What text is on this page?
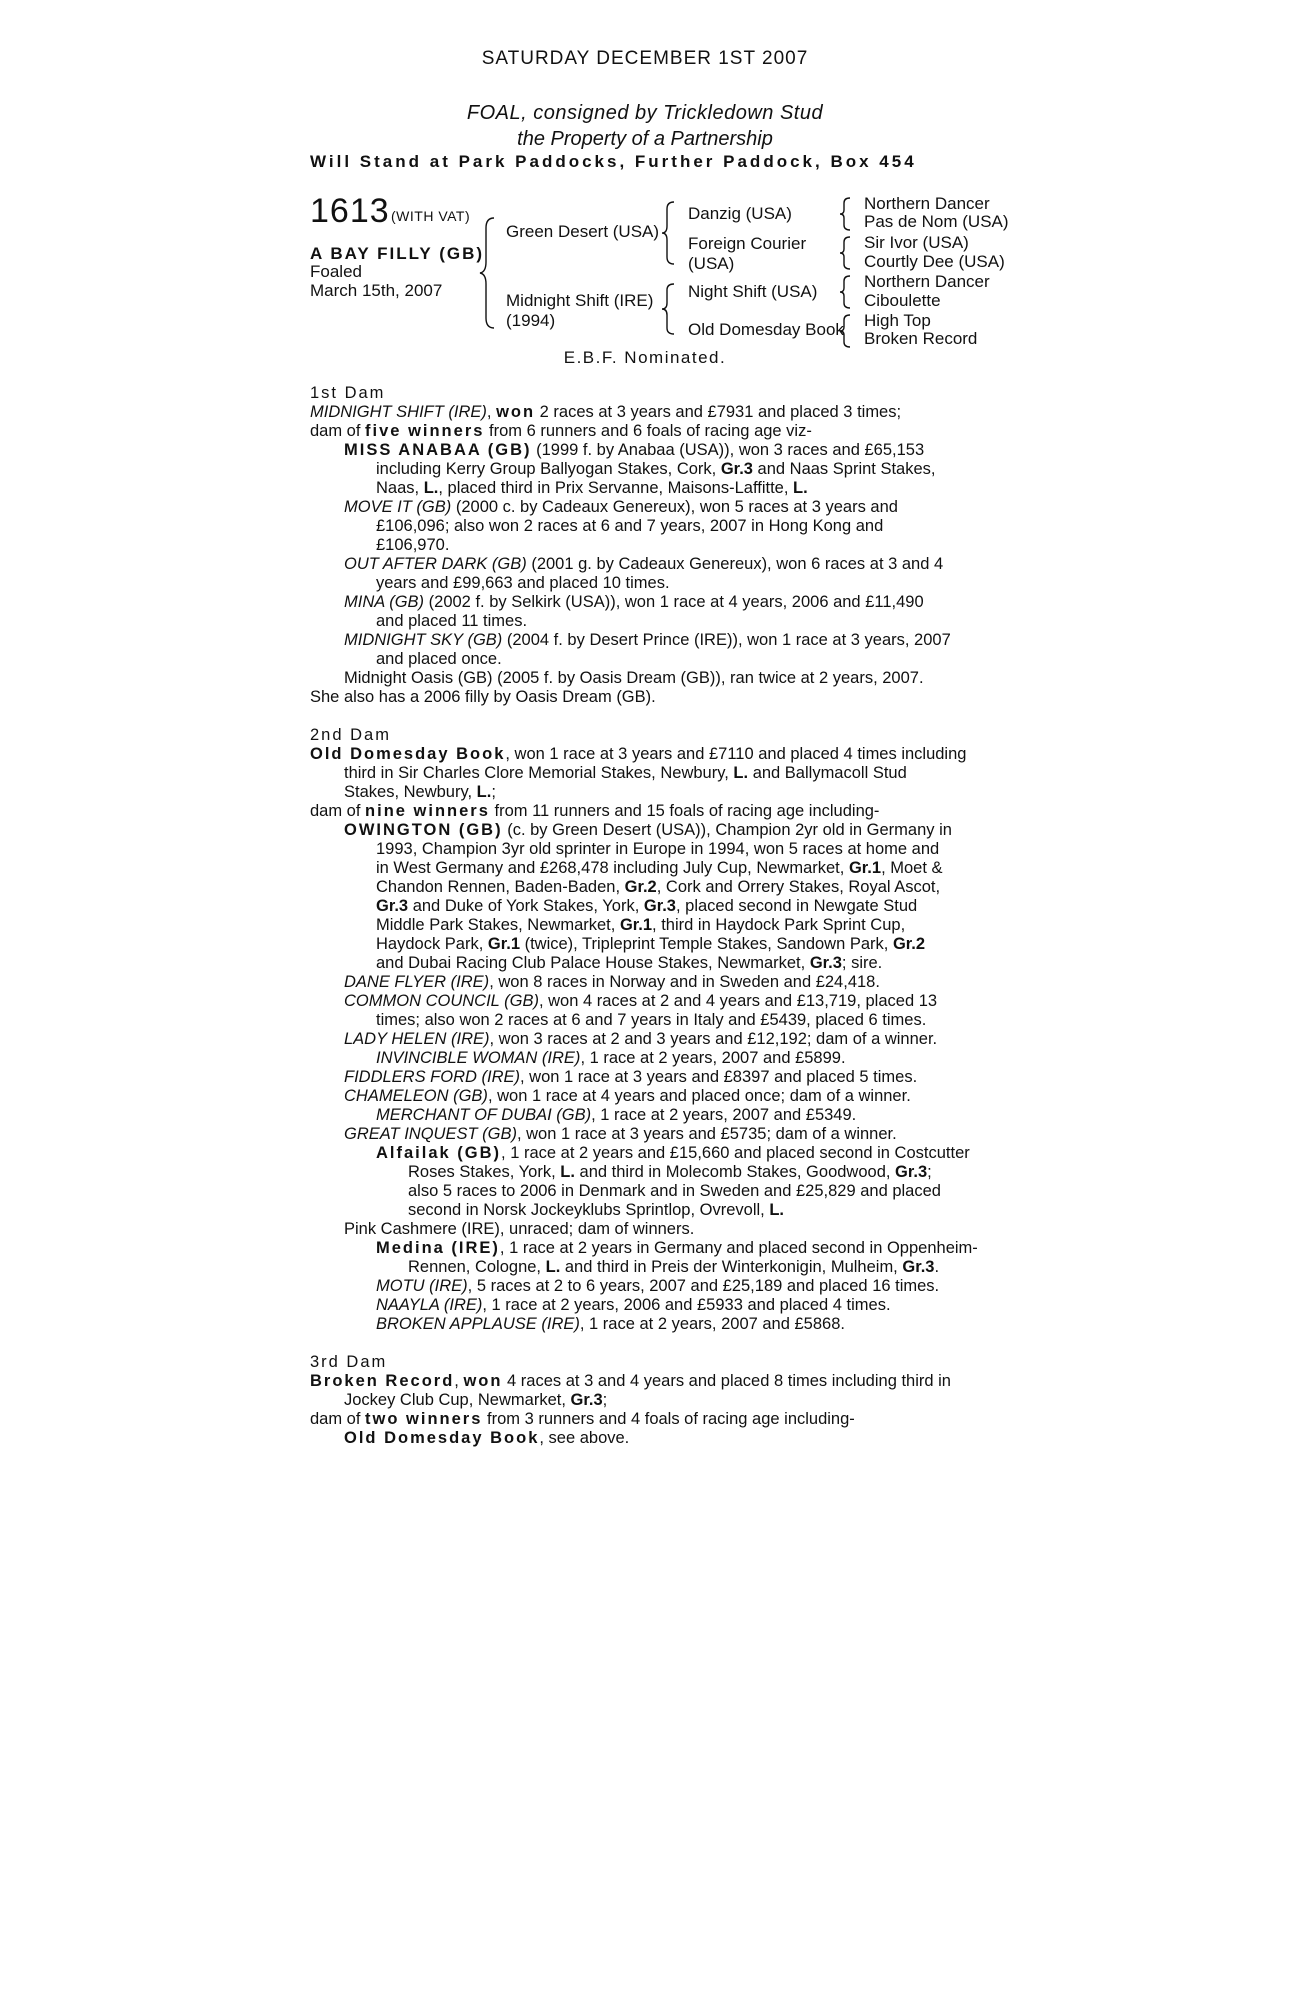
SATURDAY DECEMBER 1ST 2007
FOAL, consigned by Trickledown Stud
the Property of a Partnership
Will Stand at Park Paddocks, Further Paddock, Box 454
1613 (WITH VAT)
A BAY FILLY (GB)
Foaled
March 15th, 2007
Green Desert (USA)
Midnight Shift (IRE)
(1994)
Danzig (USA)
Foreign Courier
(USA)
Night Shift (USA)
Old Domesday Book
Northern Dancer
Pas de Nom (USA)
Sir Ivor (USA)
Courtly Dee (USA)
Northern Dancer
Ciboulette
High Top
Broken Record
E.B.F. Nominated.
1st Dam
MIDNIGHT SHIFT (IRE), won 2 races at 3 years and £7931 and placed 3 times;
dam of five winners from 6 runners and 6 foals of racing age viz-
MISS ANABAA (GB) (1999 f. by Anabaa (USA)), won 3 races and £65,153
including Kerry Group Ballyogan Stakes, Cork, Gr.3 and Naas Sprint Stakes,
Naas, L., placed third in Prix Servanne, Maisons-Laffitte, L.
MOVE IT (GB) (2000 c. by Cadeaux Genereux), won 5 races at 3 years and
£106,096; also won 2 races at 6 and 7 years, 2007 in Hong Kong and
£106,970.
OUT AFTER DARK (GB) (2001 g. by Cadeaux Genereux), won 6 races at 3 and 4
years and £99,663 and placed 10 times.
MINA (GB) (2002 f. by Selkirk (USA)), won 1 race at 4 years, 2006 and £11,490
and placed 11 times.
MIDNIGHT SKY (GB) (2004 f. by Desert Prince (IRE)), won 1 race at 3 years, 2007
and placed once.
Midnight Oasis (GB) (2005 f. by Oasis Dream (GB)), ran twice at 2 years, 2007.
She also has a 2006 filly by Oasis Dream (GB).
2nd Dam
Old Domesday Book, won 1 race at 3 years and £7110 and placed 4 times including
third in Sir Charles Clore Memorial Stakes, Newbury, L. and Ballymacoll Stud
Stakes, Newbury, L.;
dam of nine winners from 11 runners and 15 foals of racing age including-
OWINGTON (GB) (c. by Green Desert (USA)), Champion 2yr old in Germany in
1993, Champion 3yr old sprinter in Europe in 1994, won 5 races at home and
in West Germany and £268,478 including July Cup, Newmarket, Gr.1, Moet &
Chandon Rennen, Baden-Baden, Gr.2, Cork and Orrery Stakes, Royal Ascot,
Gr.3 and Duke of York Stakes, York, Gr.3, placed second in Newgate Stud
Middle Park Stakes, Newmarket, Gr.1, third in Haydock Park Sprint Cup,
Haydock Park, Gr.1 (twice), Tripleprint Temple Stakes, Sandown Park, Gr.2
and Dubai Racing Club Palace House Stakes, Newmarket, Gr.3; sire.
DANE FLYER (IRE), won 8 races in Norway and in Sweden and £24,418.
COMMON COUNCIL (GB), won 4 races at 2 and 4 years and £13,719, placed 13
times; also won 2 races at 6 and 7 years in Italy and £5439, placed 6 times.
LADY HELEN (IRE), won 3 races at 2 and 3 years and £12,192; dam of a winner.
INVINCIBLE WOMAN (IRE), 1 race at 2 years, 2007 and £5899.
FIDDLERS FORD (IRE), won 1 race at 3 years and £8397 and placed 5 times.
CHAMELEON (GB), won 1 race at 4 years and placed once; dam of a winner.
MERCHANT OF DUBAI (GB), 1 race at 2 years, 2007 and £5349.
GREAT INQUEST (GB), won 1 race at 3 years and £5735; dam of a winner.
Alfailak (GB), 1 race at 2 years and £15,660 and placed second in Costcutter
Roses Stakes, York, L. and third in Molecomb Stakes, Goodwood, Gr.3;
also 5 races to 2006 in Denmark and in Sweden and £25,829 and placed
second in Norsk Jockeyklubs Sprintlop, Ovrevoll, L.
Pink Cashmere (IRE), unraced; dam of winners.
Medina (IRE), 1 race at 2 years in Germany and placed second in Oppenheim-
Rennen, Cologne, L. and third in Preis der Winterkonigin, Mulheim, Gr.3.
MOTU (IRE), 5 races at 2 to 6 years, 2007 and £25,189 and placed 16 times.
NAAYLA (IRE), 1 race at 2 years, 2006 and £5933 and placed 4 times.
BROKEN APPLAUSE (IRE), 1 race at 2 years, 2007 and £5868.
3rd Dam
Broken Record, won 4 races at 3 and 4 years and placed 8 times including third in
Jockey Club Cup, Newmarket, Gr.3;
dam of two winners from 3 runners and 4 foals of racing age including-
Old Domesday Book, see above.
